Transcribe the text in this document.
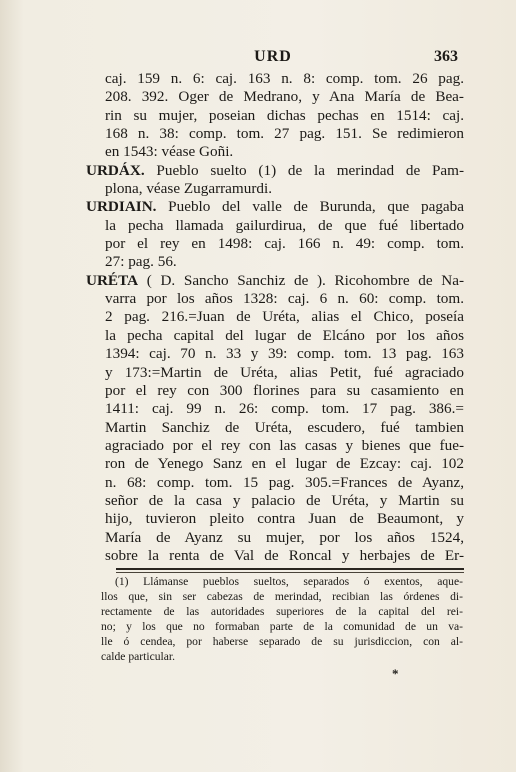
URD	363
caj. 159 n. 6: caj. 163 n. 8: comp. tom. 26 pag.
208. 392. Oger de Medrano, y Ana María de Bea-
rin su mujer, poseian dichas pechas en 1514: caj.
168 n. 38: comp. tom. 27 pag. 151. Se redimieron
en 1543: véase Goñi.
URDÁX. Pueblo suelto (1) de la merindad de Pam-
plona, véase Zugarramurdi.
URDIAIN. Pueblo del valle de Burunda, que pagaba
la pecha llamada gailurdirua, de que fué libertado
por el rey en 1498: caj. 166 n. 49: comp. tom.
27: pag. 56.
URÉTA ( D. Sancho Sanchiz de ). Ricohombre de Na-
varra por los años 1328: caj. 6 n. 60: comp. tom.
2 pag. 216.=Juan de Uréta, alias el Chico, poseía
la pecha capital del lugar de Elcáno por los años
1394: caj. 70 n. 33 y 39: comp. tom. 13 pag. 163
y 173:=Martin de Uréta, alias Petit, fué agraciado
por el rey con 300 florines para su casamiento en
1411: caj. 99 n. 26: comp. tom. 17 pag. 386.=
Martin Sanchiz de Uréta, escudero, fué tambien
agraciado por el rey con las casas y bienes que fue-
ron de Yenego Sanz en el lugar de Ezcay: caj. 102
n. 68: comp. tom. 15 pag. 305.=Frances de Ayanz,
señor de la casa y palacio de Uréta, y Martin su
hijo, tuvieron pleito contra Juan de Beaumont, y
María de Ayanz su mujer, por los años 1524,
sobre la renta de Val de Roncal y herbajes de Er-
(1) Llámanse pueblos sueltos, separados ó exentos, aque-
llos que, sin ser cabezas de merindad, recibian las órdenes di-
rectamente de las autoridades superiores de la capital del rei-
no; y los que no formaban parte de la comunidad de un va-
lle ó cendea, por haberse separado de su jurisdiccion, con al-
calde particular.
*
